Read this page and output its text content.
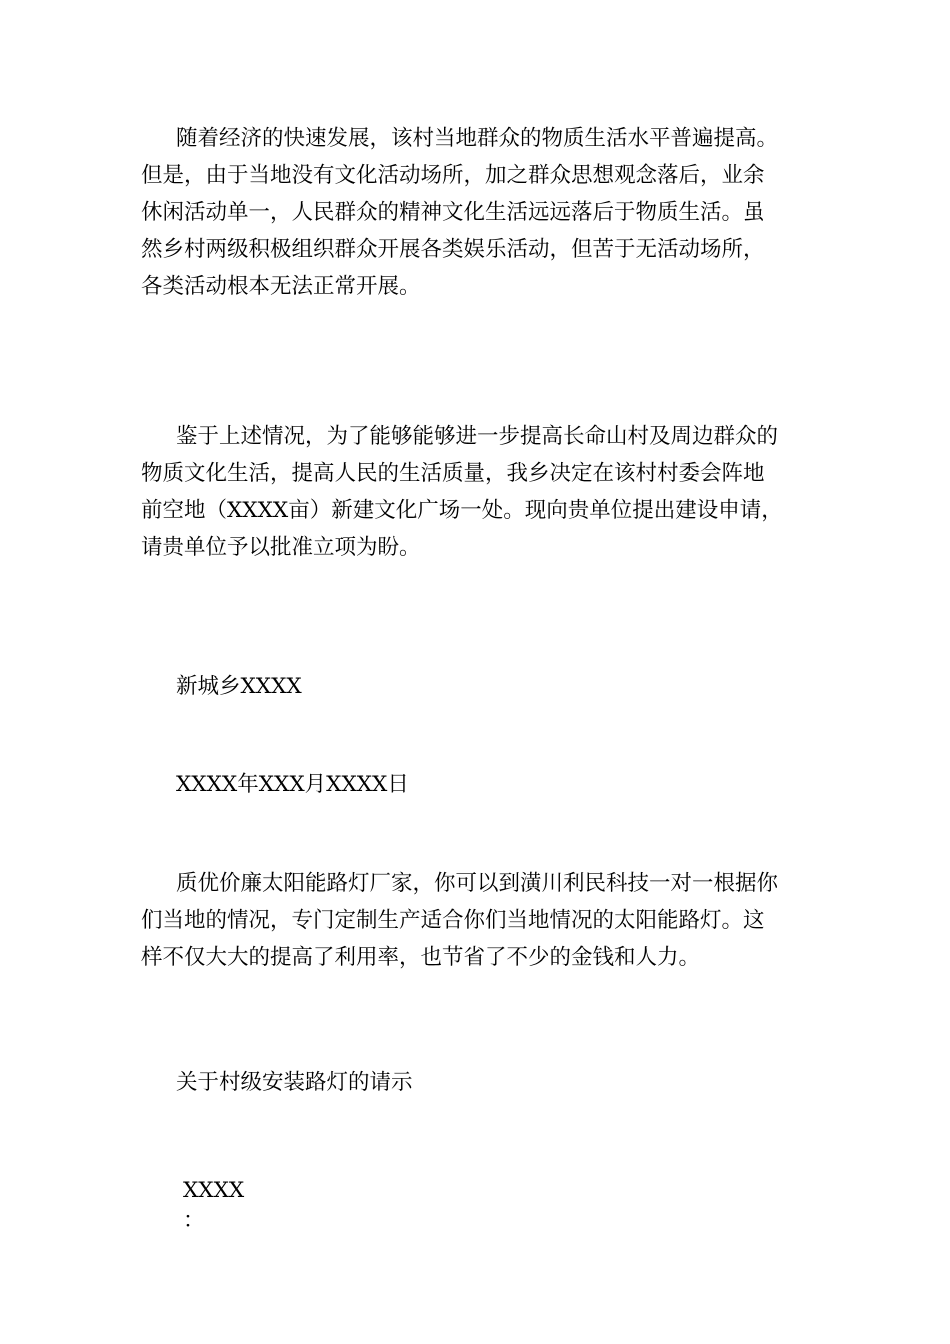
随着经济的快速发展，该村当地群众的物质生活水平普遍提高。
但是，由于当地没有文化活动场所，加之群众思想观念落后，业余
休闲活动单一，人民群众的精神文化生活远远落后于物质生活。虽
然乡村两级积极组织群众开展各类娱乐活动，但苦于无活动场所，
各类活动根本无法正常开展。
鉴于上述情况，为了能够能够进一步提高长命山村及周边群众的
物质文化生活，提高人民的生活质量，我乡决定在该村村委会阵地
前空地（XXXX亩）新建文化广场一处。现向贵单位提出建设申请，
请贵单位予以批准立项为盼。
新城乡XXXX
XXXX年XXX月XXXX日
质优价廉太阳能路灯厂家，你可以到潢川利民科技一对一根据你
们当地的情况，专门定制生产适合你们当地情况的太阳能路灯。这
样不仅大大的提高了利用率，也节省了不少的金钱和人力。
关于村级安装路灯的请示
XXXX
：
